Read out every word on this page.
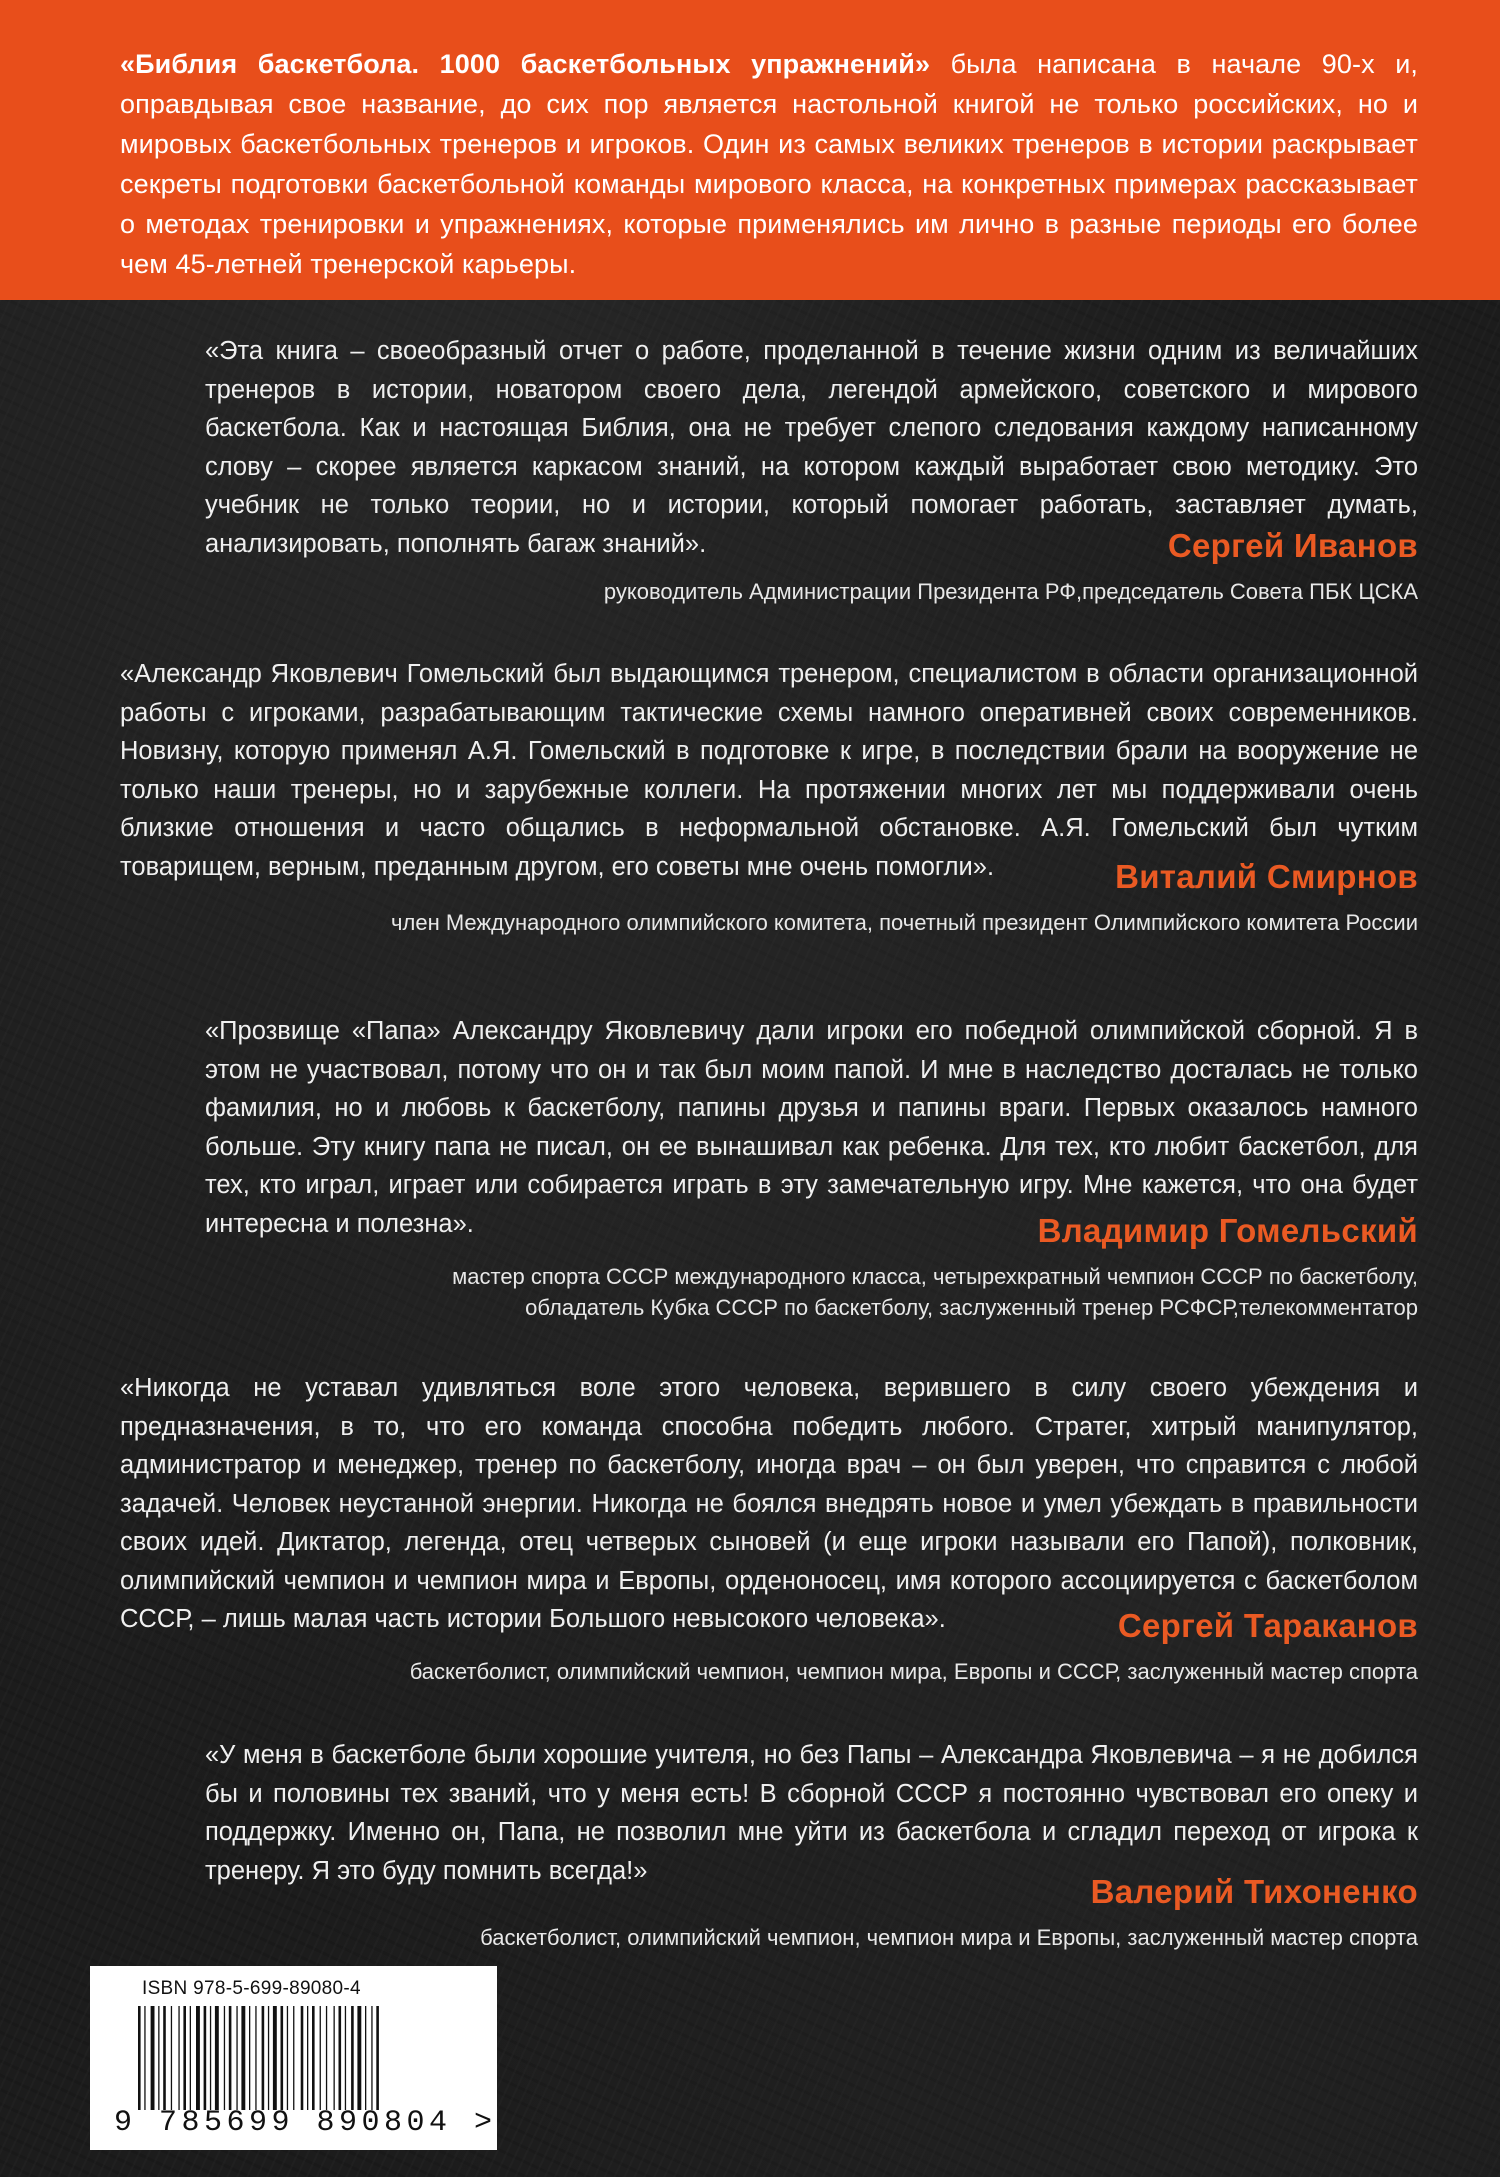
«Библия баскетбола. 1000 баскетбольных упражнений» была написана в начале 90-х и, оправдывая свое название, до сих пор является настольной книгой не только российских, но и мировых баскетбольных тренеров и игроков. Один из самых великих тренеров в истории раскрывает секреты подготовки баскетбольной команды мирового класса, на конкретных примерах рассказывает о методах тренировки и упражнениях, которые применялись им лично в разные периоды его более чем 45-летней тренерской карьеры.

«Эта книга – своеобразный отчет о работе, проделанной в течение жизни одним из величайших тренеров в истории, новатором своего дела, легендой армейского, советского и мирового баскетбола. Как и настоящая Библия, она не требует слепого следования каждому написанному слову – скорее является каркасом знаний, на котором каждый выработает свою методику. Это учебник не только теории, но и истории, который помогает работать, заставляет думать, анализировать, пополнять багаж знаний».	Сергей Иванов
руководитель Администрации Президента РФ,председатель Совета ПБК ЦСКА

«Александр Яковлевич Гомельский был выдающимся тренером, специалистом в области организационной работы с игроками, разрабатывающим тактические схемы намного оперативней своих современников. Новизну, которую применял А.Я. Гомельский в подготовке к игре, в последствии брали на вооружение не только наши тренеры, но и зарубежные коллеги. На протяжении многих лет мы поддерживали очень близкие отношения и часто общались в неформальной обстановке. А.Я. Гомельский был чутким товарищем, верным, преданным другом, его советы мне очень помогли».	Виталий Смирнов
член Международного олимпийского комитета, почетный президент Олимпийского комитета России

«Прозвище «Папа» Александру Яковлевичу дали игроки его победной олимпийской сборной. Я в этом не участвовал, потому что он и так был моим папой. И мне в наследство досталась не только фамилия, но и любовь к баскетболу, папины друзья и папины враги. Первых оказалось намного больше. Эту книгу папа не писал, он ее вынашивал как ребенка. Для тех, кто любит баскетбол, для тех, кто играл, играет или собирается играть в эту замечательную игру. Мне кажется, что она будет интересна и полезна».	Владимир Гомельский
мастер спорта СССР международного класса, четырехкратный чемпион СССР по баскетболу,
обладатель Кубка СССР по баскетболу, заслуженный тренер РСФСР,телекомментатор

«Никогда не уставал удивляться воле этого человека, верившего в силу своего убеждения и предназначения, в то, что его команда способна победить любого. Стратег, хитрый манипулятор, администратор и менеджер, тренер по баскетболу, иногда врач – он был уверен, что справится с любой задачей. Человек неустанной энергии. Никогда не боялся внедрять новое и умел убеждать в правильности своих идей. Диктатор, легенда, отец четверых сыновей (и еще игроки называли его Папой), полковник, олимпийский чемпион и чемпион мира и Европы, орденоносец, имя которого ассоциируется с баскетболом СССР, – лишь малая часть истории Большого невысокого человека».	Сергей Тараканов
баскетболист, олимпийский чемпион, чемпион мира, Европы и СССР, заслуженный мастер спорта

«У меня в баскетболе были хорошие учителя, но без Папы – Александра Яковлевича – я не добился бы и половины тех званий, что у меня есть! В сборной СССР я постоянно чувствовал его опеку и поддержку. Именно он, Папа, не позволил мне уйти из баскетбола и сгладил переход от игрока к тренеру. Я это буду помнить всегда!»

Валерий Тихоненко
баскетболист, олимпийский чемпион, чемпион мира и Европы, заслуженный мастер спорта
ISBN 978-5-699-89080-4
9 785699 890804 >
